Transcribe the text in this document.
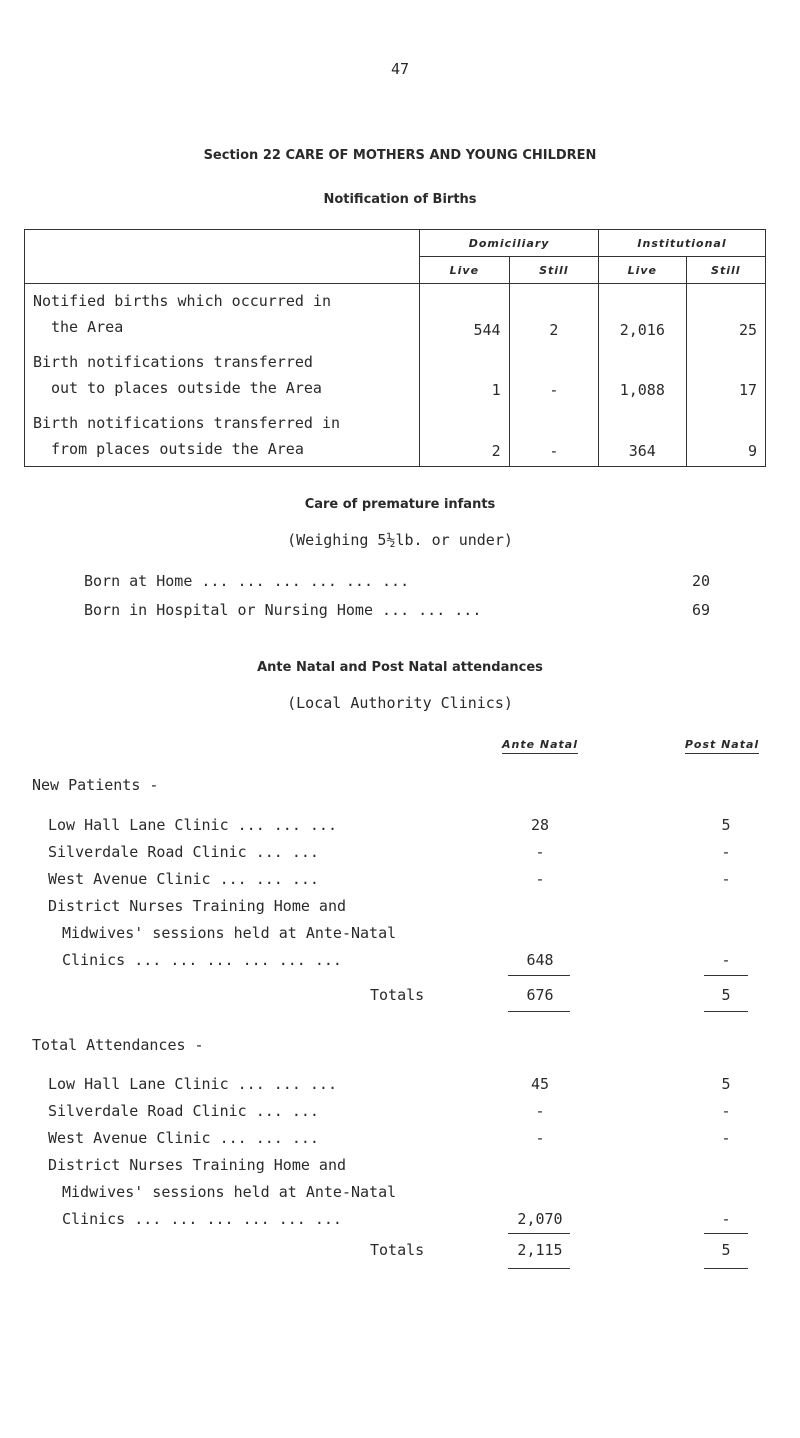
47
Section 22 CARE OF MOTHERS AND YOUNG CHILDREN
Notification of Births
	Domiciliary		Institutional	
	Live	Still	Live	Still

Notified births which occurred in
the Area	544	2	2,016	25

Birth notifications transferred
out to places outside the Area	1	-	1,088	17

Birth notifications transferred in
from places outside the Area	2	-	364	9
Care of premature infants
(Weighing 5½lb. or under)
Born at Home ... ... ... ... ... ...	20
Born in Hospital or Nursing Home ... ... ...	69
Ante Natal and Post Natal attendances
(Local Authority Clinics)
Ante Natal	Post Natal
New Patients -
Low Hall Lane Clinic ... ... ...	28	5
Silverdale Road Clinic ... ...	-	-
West Avenue Clinic ... ... ...	-	-
District Nurses Training Home and
Midwives' sessions held at Ante-Natal
Clinics ... ... ... ... ... ...	648	-
Totals	676	5
Total Attendances -
Low Hall Lane Clinic ... ... ...	45	5
Silverdale Road Clinic ... ...	-	-
West Avenue Clinic ... ... ...	-	-
District Nurses Training Home and
Midwives' sessions held at Ante-Natal
Clinics ... ... ... ... ... ...	2,070	-
Totals	2,115	5
